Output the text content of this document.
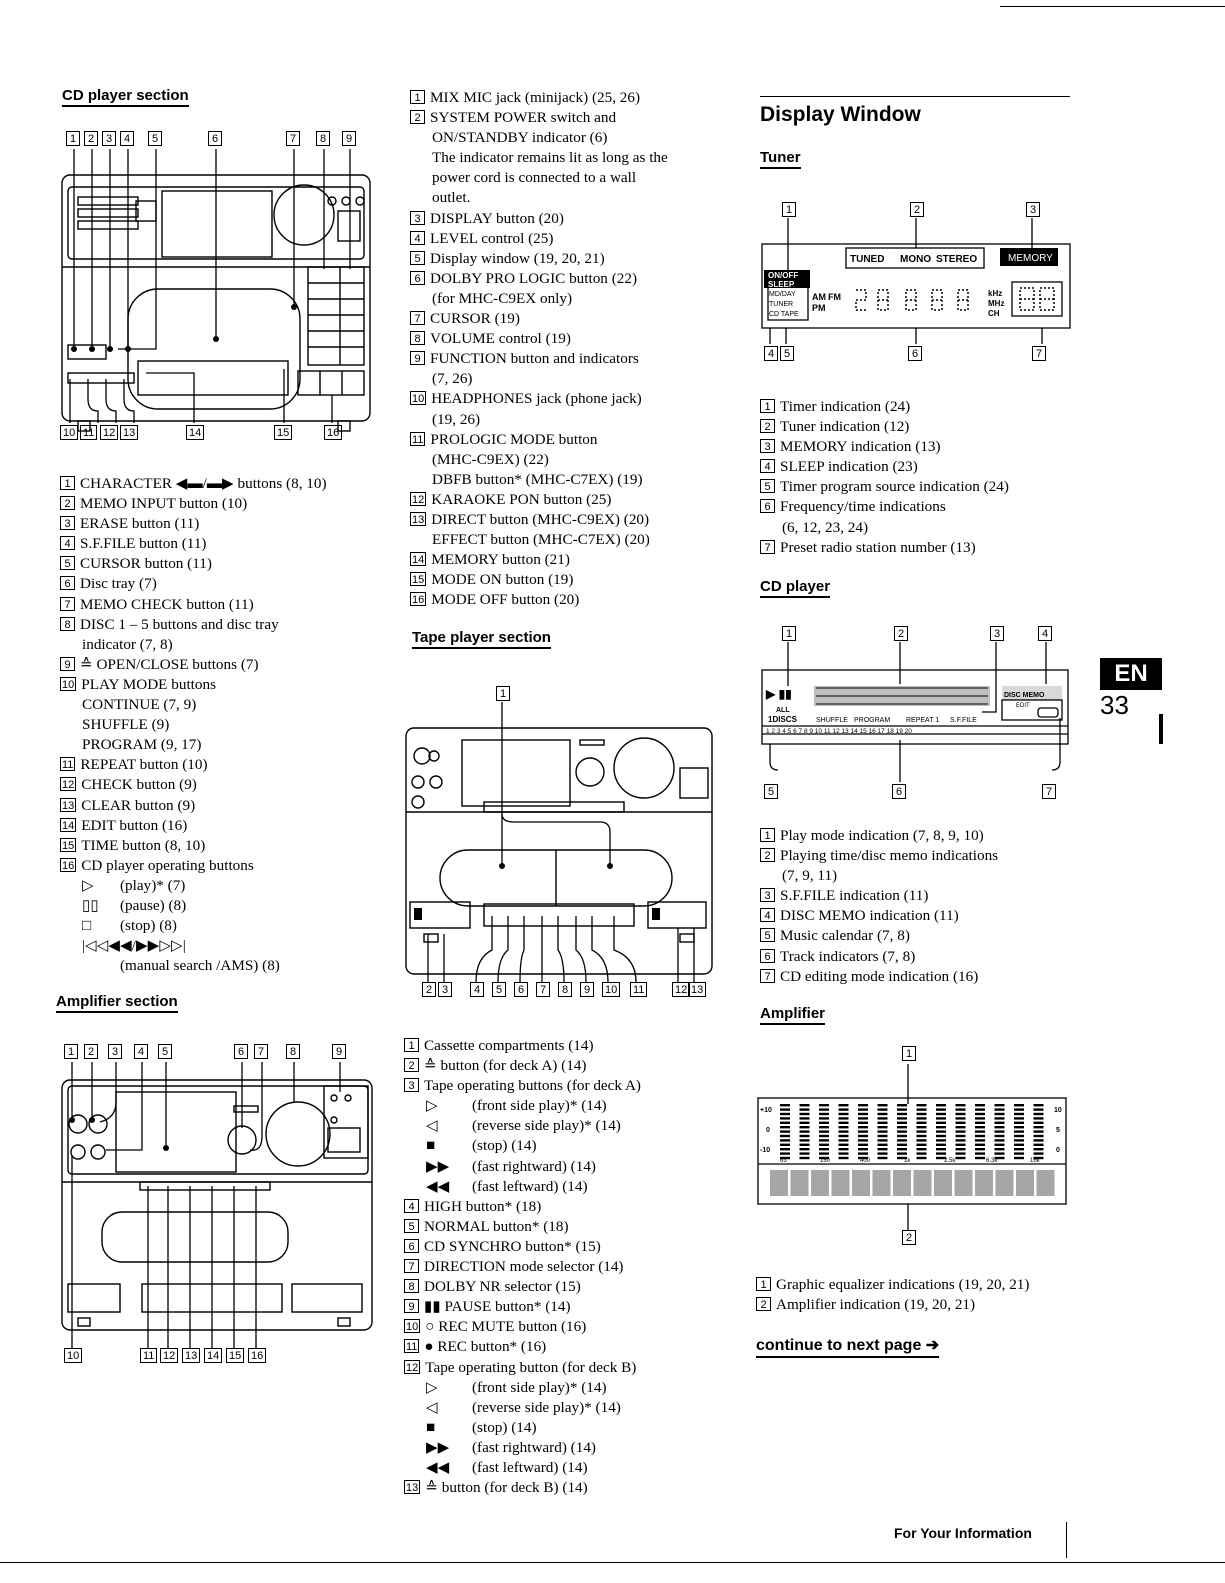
CD player section
1	2	3	4	5	6	7	8	9
10 11 12 13	14	15	16
1 CHARACTER ◀▬/▬▶ buttons (8, 10)
2 MEMO INPUT button (10)
3 ERASE button (11)
4 S.F.FILE button (11)
5 CURSOR button (11)
6 Disc tray (7)
7 MEMO CHECK button (11)
8 DISC 1 – 5 buttons and disc tray
indicator (7, 8)
9 ≙ OPEN/CLOSE buttons (7)
10 PLAY MODE buttons
CONTINUE (7, 9)
SHUFFLE (9)
PROGRAM (9, 17)
11 REPEAT button (10)
12 CHECK button (9)
13 CLEAR button (9)
14 EDIT button (16)
15 TIME button (8, 10)
16 CD player operating buttons
▷ (play)* (7)
▯▯ (pause) (8)
□ (stop) (8)
|◁◁◀◀/▶▶▷▷|
(manual search /AMS) (8)
Amplifier section
1	2	3	4	5	6	7	8	9
10	11 12 13 14 15 16
1 MIX MIC jack (minijack) (25, 26)
2 SYSTEM POWER switch and
ON/STANDBY indicator (6)
The indicator remains lit as long as the
power cord is connected to a wall
outlet.
3 DISPLAY button (20)
4 LEVEL control (25)
5 Display window (19, 20, 21)
6 DOLBY PRO LOGIC button (22)
(for MHC-C9EX only)
7 CURSOR (19)
8 VOLUME control (19)
9 FUNCTION button and indicators
(7, 26)
10 HEADPHONES jack (phone jack)
(19, 26)
11 PROLOGIC MODE button
(MHC-C9EX) (22)
DBFB button* (MHC-C7EX) (19)
12 KARAOKE PON button (25)
13 DIRECT button (MHC-C9EX) (20)
EFFECT button (MHC-C7EX) (20)
14 MEMORY button (21)
15 MODE ON button (19)
16 MODE OFF button (20)
Tape player section
1
2 3	4	5	6	7	8	9	10 11	12 13
1 Cassette compartments (14)
2 ≙ button (for deck A) (14)
3 Tape operating buttons (for deck A)
▷ (front side play)* (14)
◁ (reverse side play)* (14)
■ (stop) (14)
▶▶ (fast rightward) (14)
◀◀ (fast leftward) (14)
4 HIGH button* (18)
5 NORMAL button* (18)
6 CD SYNCHRO button* (15)
7 DIRECTION mode selector (14)
8 DOLBY NR selector (15)
9 ▮▮ PAUSE button* (14)
10 ○ REC MUTE button (16)
11 ● REC button* (16)
12 Tape operating button (for deck B)
▷ (front side play)* (14)
◁ (reverse side play)* (14)
■ (stop) (14)
▶▶ (fast rightward) (14)
◀◀ (fast leftward) (14)
13 ≙ button (for deck B) (14)
Display Window
Tuner
1	2	3
4 5	6	7
TUNED MONO STEREO	MEMORY
ON/OFF
SLEEP
MD/DAY
TUNER
CD TAPE
AM FM
PM
kHz
MHz
CH
1 Timer indication (24)
2 Tuner indication (12)
3 MEMORY indication (13)
4 SLEEP indication (23)
5 Timer program source indication (24)
6 Frequency/time indications
(6, 12, 23, 24)
7 Preset radio station number (13)
CD player
1	2	3	4
5	6	7
▶ ▮▮
ALL
1DISCS	SHUFFLE PROGRAM REPEAT 1 S.F.FILE
DISC MEMO
EDIT
1 2 3 4 5 6 7 8 9 10 11 12 13 14 15 16 17 18 19 20
1 Play mode indication (7, 8, 9, 10)
2 Playing time/disc memo indications
(7, 9, 11)
3 S.F.FILE indication (11)
4 DISC MEMO indication (11)
5 Music calendar (7, 8)
6 Track indicators (7, 8)
7 CD editing mode indication (16)
Amplifier
1
2
+10
0
-10
10
5
0
63	160	400	1k	2.5k	6.3k	16k
1 Graphic equalizer indications (19, 20, 21)
2 Amplifier indication (19, 20, 21)
continue to next page ➔
EN
33
For Your Information
